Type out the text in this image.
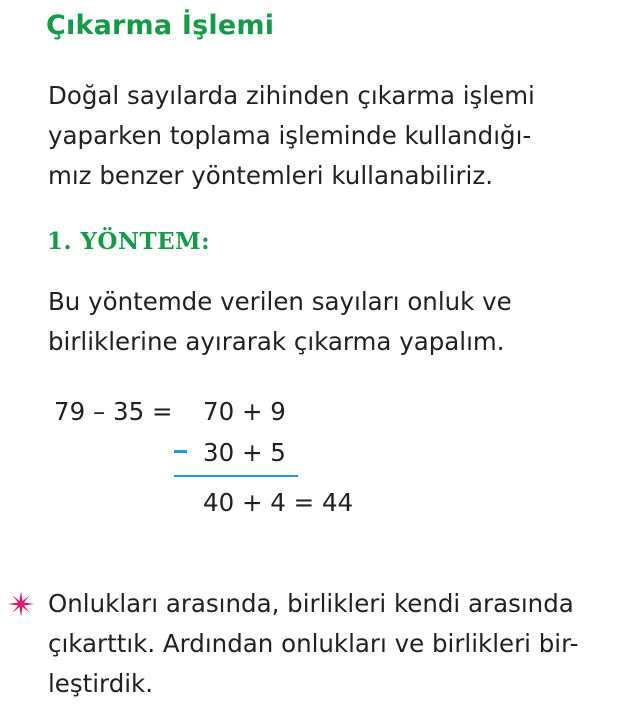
Çıkarma İşlemi

Doğal sayılarda zihinden çıkarma işlemi
yaparken toplama işleminde kullandığı-
mız benzer yöntemleri kullanabiliriz.

1. YÖNTEM:

Bu yöntemde verilen sayıları onluk ve
birliklerine ayırarak çıkarma yapalım.

79 – 35 = 70 + 9
30 + 5
40 + 4 = 44

Onlukları arasında, birlikleri kendi arasında
çıkarttık. Ardından onlukları ve birlikleri bir-
leştirdik.
